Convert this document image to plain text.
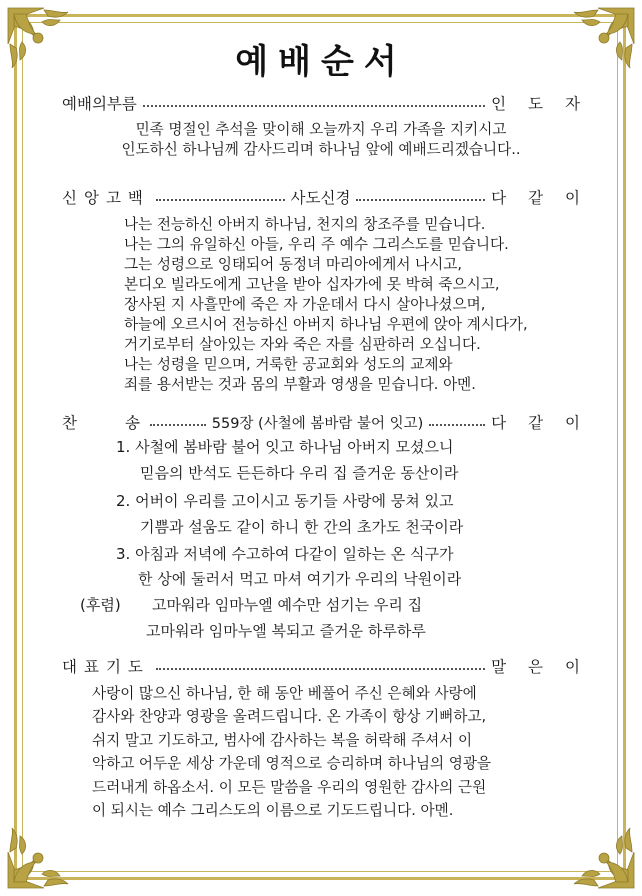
예배순서
예배의부름	인도자
민족 명절인 추석을 맞이해 오늘까지 우리 가족을 지키시고
인도하신 하나님께 감사드리며 하나님 앞에 예배드리겠습니다..
신앙고백	사도신경	다같이
나는 전능하신 아버지 하나님, 천지의 창조주를 믿습니다.
나는 그의 유일하신 아들, 우리 주 예수 그리스도를 믿습니다.
그는 성령으로 잉태되어 동정녀 마리아에게서 나시고,
본디오 빌라도에게 고난을 받아 십자가에 못 박혀 죽으시고,
장사된 지 사흘만에 죽은 자 가운데서 다시 살아나셨으며,
하늘에 오르시어 전능하신 아버지 하나님 우편에 앉아 계시다가,
거기로부터 살아있는 자와 죽은 자를 심판하러 오십니다.
나는 성령을 믿으며, 거룩한 공교회와 성도의 교제와
죄를 용서받는 것과 몸의 부활과 영생을 믿습니다. 아멘.
찬송 559장 (사철에 봄바람 불어 잇고)	다같이
1. 사철에 봄바람 불어 잇고 하나님 아버지 모셨으니
믿음의 반석도 든든하다 우리 집 즐거운 동산이라
2. 어버이 우리를 고이시고 동기들 사랑에 뭉쳐 있고
기쁨과 설움도 같이 하니 한 간의 초가도 천국이라
3. 아침과 저녁에 수고하여 다같이 일하는 온 식구가
한 상에 둘러서 먹고 마셔 여기가 우리의 낙원이라
(후렴) 고마워라 임마누엘 예수만 섬기는 우리 집
고마워라 임마누엘 복되고 즐거운 하루하루
대표기도	말은이
사랑이 많으신 하나님, 한 해 동안 베풀어 주신 은혜와 사랑에
감사와 찬양과 영광을 올려드립니다. 온 가족이 항상 기뻐하고,
쉬지 말고 기도하고, 범사에 감사하는 복을 허락해 주셔서 이
악하고 어두운 세상 가운데 영적으로 승리하며 하나님의 영광을
드러내게 하옵소서. 이 모든 말씀을 우리의 영원한 감사의 근원
이 되시는 예수 그리스도의 이름으로 기도드립니다. 아멘.
